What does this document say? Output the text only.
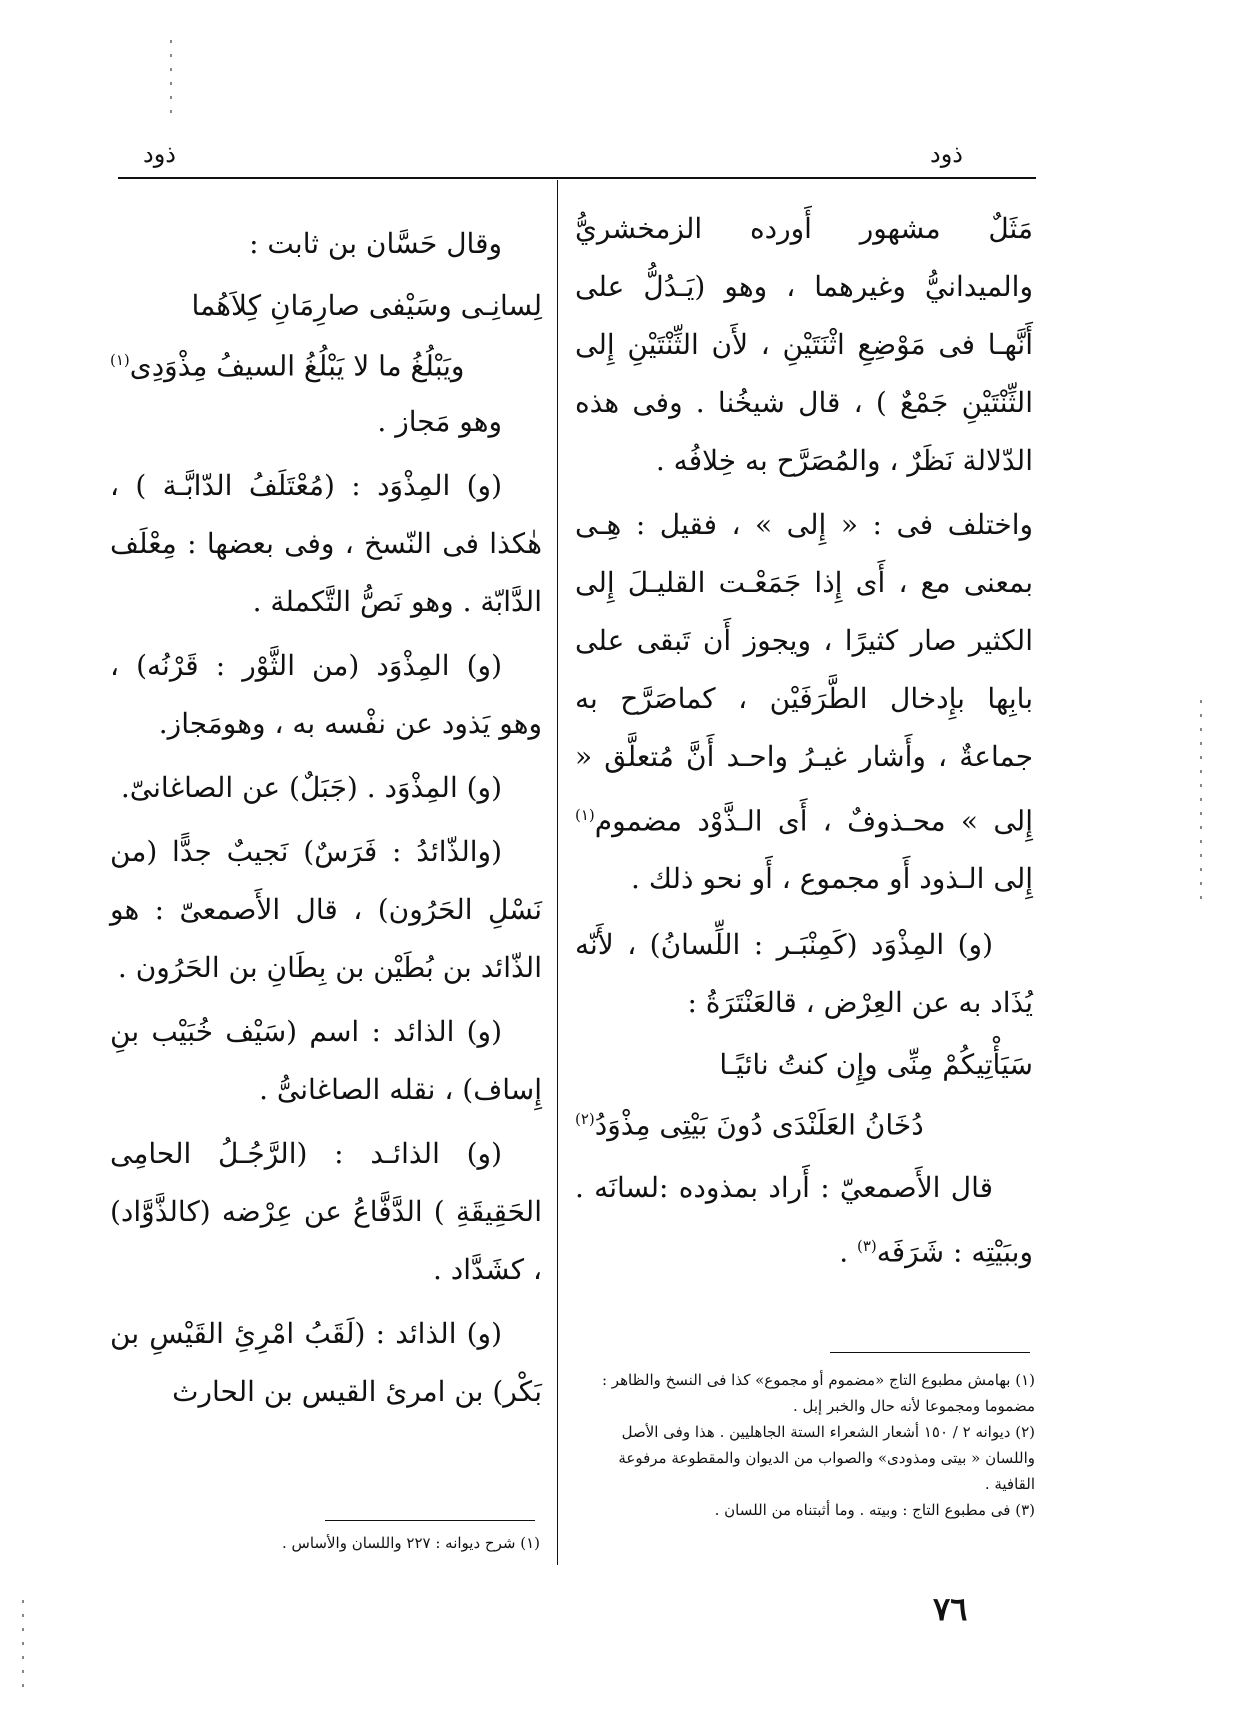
ذود
ذود

مَثَلٌ مشهور أَورده الزمخشريُّ والميدانيُّ وغيرهما ، وهو (يَـدُلُّ على أَنَّهـا فى مَوْضِعِ اثْنَتَيْنِ ، لأَن الثِّنْتَيْنِ إِلى الثِّنْتَيْنِ جَمْعٌ ) ، قال شيخُنا . وفى هذه الدّلالة نَظَرٌ ، والمُصَرَّح به خِلافُه .

واختلف فى : « إِلى » ، فقيل : هِـى بمعنى مع ، أَى إِذا جَمَعْـت القليـلَ إِلى الكثير صار كثيرًا ، ويجوز أَن تَبقى على بابِها بإِدخال الطَّرَفَيْن ، كماصَرَّح به جماعةٌ ، وأَشار غيـرُ واحـد أَنَّ مُتعلَّق « إِلى » محـذوفٌ ، أَى الـذَّوْد مضموم$^{(١)}$ إِلى الـذود أَو مجموع ، أَو نحو ذلك .

(و) المِذْوَد (كَمِنْبَـر : اللِّسانُ) ، لأَنّه يُذَاد به عن العِرْض ، قالعَنْتَرَةُ :

سَيَأْتِيكُمْ مِنِّى وإِن كنتُ نائيًـا

دُخَانُ العَلَنْدَى دُونَ بَيْتِى مِذْوَدُ$^{(٢)}$

قال الأَصمعيّ : أَراد بمذوده :لسانَه . وببَيْتِه : شَرَفَه$^{(٣)}$ .

وقال حَسَّان بن ثابت :

لِسانِـى وسَيْفى صارِمَانِ كِلاَهُما

ويَبْلُغُ ما لا يَبْلُغُ السيفُ مِذْوَدِى$^{(١)}$

وهو مَجاز .

(و) المِذْوَد : (مُعْتَلَفُ الدّابَّـة ) ، هٰكذا فى النّسخ ، وفى بعضها : مِعْلَف الدَّابّة . وهو نَصُّ التَّكملة .

(و) المِذْوَد (من الثَّوْر : قَرْنُه) ، وهو يَذود عن نفْسه به ، وهومَجاز.

(و) المِذْوَد . (جَبَلٌ) عن الصاغانىّ.

(والذّائدُ : فَرَسٌ) نَجيبٌ جدًّا (من نَسْلِ الحَرُون) ، قال الأَصمعىّ : هو الذّائد بن بُطَيْن بن بِطَانِ بن الحَرُون .

(و) الذائد : اسم (سَيْف خُبَيْب بنِ إِساف) ، نقله الصاغانىُّ .

(و) الذائـد : (الرَّجُـلُ الحامِى الحَقِيقَةِ ) الدَّفَّاعُ عن عِرْضه (كالذَّوَّاد) ، كشَدَّاد .

(و) الذائد : (لَقَبُ امْرِئِ القَيْسِ بن بَكْر) بن امرئ القيس بن الحارث	(١) بهامش مطبوع التاج «مضموم أو مجموع» كذا فى النسخ والظاهر : مضموما ومجموعا لأنه حال والخبر إبل .

(٢) ديوانه ٢ / ١٥٠ أشعار الشعراء الستة الجاهليين . هذا وفى الأصل واللسان « بيتى ومذودى» والصواب من الديوان والمقطوعة مرفوعة القافية .

(٣) فى مطبوع التاج : وبيته . وما أثبتناه من اللسان .

(١) شرح ديوانه : ٢٢٧ واللسان والأساس .

٧٦
